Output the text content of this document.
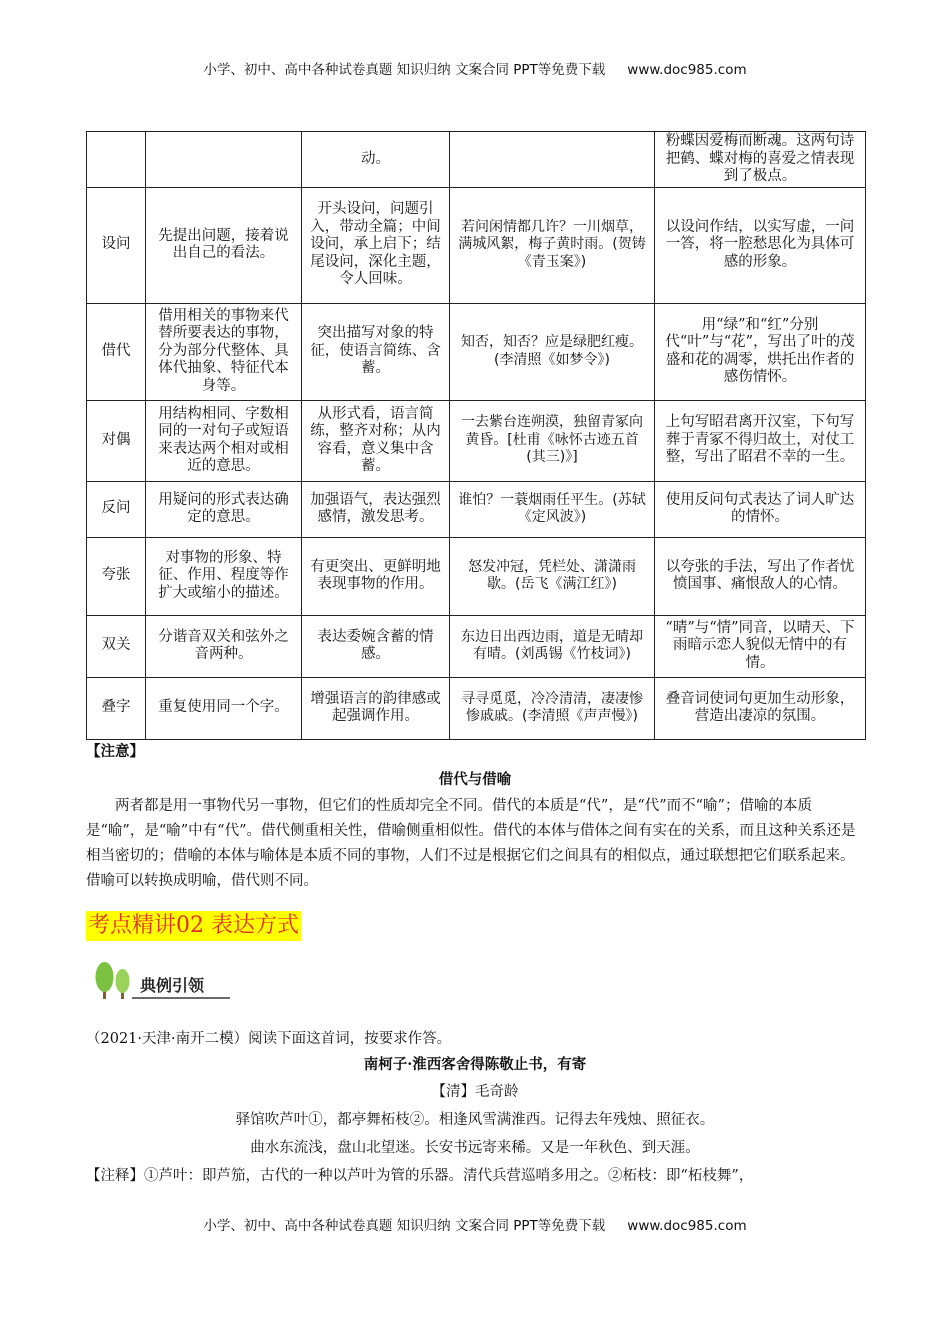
小学、初中、高中各种试卷真题 知识归纳 文案合同 PPT等免费下载 www.doc985.com
		动。		粉蝶因爱梅而断魂。这两句诗把鹤、蝶对梅的喜爱之情表现到了极点。
设问	先提出问题，接着说出自己的看法。	开头设问，问题引入，带动全篇；中间设问，承上启下；结尾设问，深化主题，令人回味。	若问闲情都几许？一川烟草，满城风絮，梅子黄时雨。(贺铸《青玉案》)	以设问作结，以实写虚，一问一答，将一腔愁思化为具体可感的形象。
借代	借用相关的事物来代替所要表达的事物，分为部分代整体、具体代抽象、特征代本身等。	突出描写对象的特征，使语言简练、含蓄。	知否，知否？应是绿肥红瘦。(李清照《如梦令》)	用“绿”和“红”分别代“叶”与“花”，写出了叶的茂盛和花的凋零，烘托出作者的感伤情怀。
对偶	用结构相同、字数相同的一对句子或短语来表达两个相对或相近的意思。	从形式看，语言简练，整齐对称；从内容看，意义集中含蓄。	一去紫台连朔漠，独留青冢向黄昏。[杜甫《咏怀古迹五首(其三)》]	上句写昭君离开汉室，下句写葬于青冢不得归故土，对仗工整，写出了昭君不幸的一生。
反问	用疑问的形式表达确定的意思。	加强语气，表达强烈感情，激发思考。	谁怕？一蓑烟雨任平生。(苏轼《定风波》)	使用反问句式表达了词人旷达的情怀。
夸张	对事物的形象、特征、作用、程度等作扩大或缩小的描述。	有更突出、更鲜明地表现事物的作用。	怒发冲冠，凭栏处、潇潇雨歇。(岳飞《满江红》)	以夸张的手法，写出了作者忧愤国事、痛恨敌人的心情。
双关	分谐音双关和弦外之音两种。	表达委婉含蓄的情感。	东边日出西边雨，道是无晴却有晴。(刘禹锡《竹枝词》)	“晴”与“情”同音，以晴天、下雨暗示恋人貌似无情中的有情。
叠字	重复使用同一个字。	增强语言的韵律感或起强调作用。	寻寻觅觅，冷冷清清，凄凄惨惨戚戚。(李清照《声声慢》)	叠音词使词句更加生动形象，营造出凄凉的氛围。
【注意】
借代与借喻
两者都是用一事物代另一事物，但它们的性质却完全不同。借代的本质是“代”，是“代”而不“喻”；借喻的本质是“喻”，是“喻”中有“代”。借代侧重相关性，借喻侧重相似性。借代的本体与借体之间有实在的关系，而且这种关系还是相当密切的；借喻的本体与喻体是本质不同的事物，人们不过是根据它们之间具有的相似点，通过联想把它们联系起来。借喻可以转换成明喻，借代则不同。
考点精讲02 表达方式
典例引领
（2021·天津·南开二模）阅读下面这首词，按要求作答。
南柯子·淮西客舍得陈敬止书，有寄
【清】毛奇龄
驿馆吹芦叶①，都亭舞柘枝②。相逢风雪满淮西。记得去年残烛、照征衣。
曲水东流浅，盘山北望迷。长安书远寄来稀。又是一年秋色、到天涯。
【注释】①芦叶：即芦笳，古代的一种以芦叶为管的乐器。清代兵营巡哨多用之。②柘枝：即“柘枝舞”，
小学、初中、高中各种试卷真题 知识归纳 文案合同 PPT等免费下载 www.doc985.com
